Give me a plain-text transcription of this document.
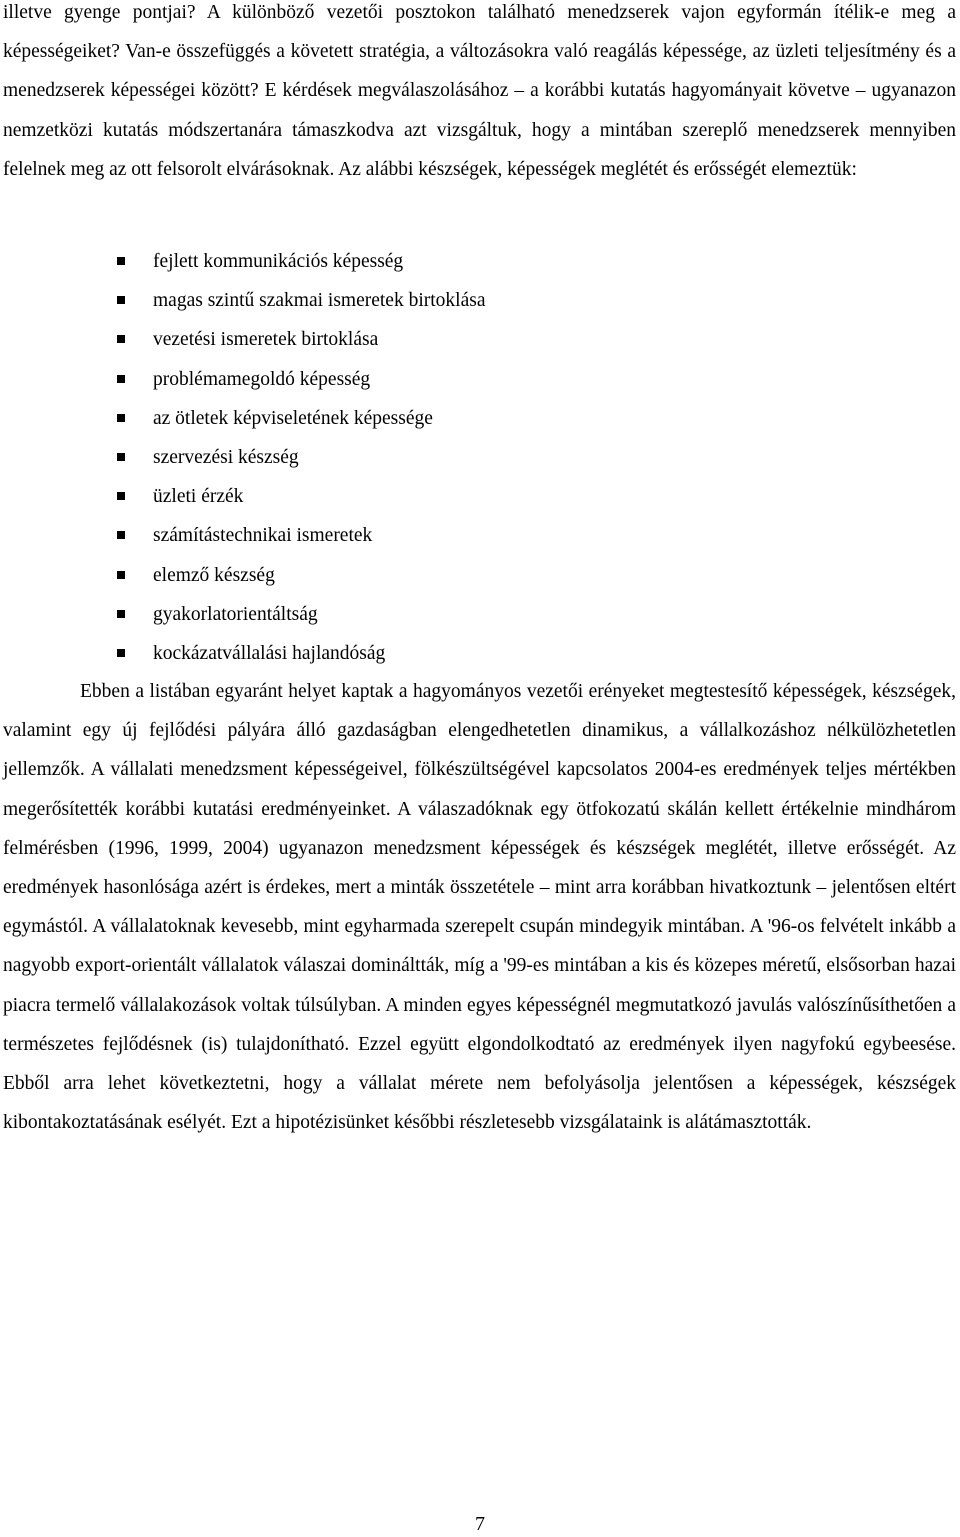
illetve gyenge pontjai? A különböző vezetői posztokon található menedzserek vajon egyformán ítélik-e meg a képességeiket? Van-e összefüggés a követett stratégia, a változásokra való reagálás képessége, az üzleti teljesítmény és a menedzserek képességei között? E kérdések megválaszolásához – a korábbi kutatás hagyományait követve – ugyanazon nemzetközi kutatás módszertanára támaszkodva azt vizsgáltuk, hogy a mintában szereplő menedzserek mennyiben felelnek meg az ott felsorolt elvárásoknak. Az alábbi készségek, képességek meglétét és erősségét elemeztük:

fejlett kommunikációs képesség
magas szintű szakmai ismeretek birtoklása
vezetési ismeretek birtoklása
problémamegoldó képesség
az ötletek képviseletének képessége
szervezési készség
üzleti érzék
számítástechnikai ismeretek
elemző készség
gyakorlatorientáltság
kockázatvállalási hajlandóság

Ebben a listában egyaránt helyet kaptak a hagyományos vezetői erényeket megtestesítő képességek, készségek, valamint egy új fejlődési pályára álló gazdaságban elengedhetetlen dinamikus, a vállalkozáshoz nélkülözhetetlen jellemzők. A vállalati menedzsment képességeivel, fölkészültségével kapcsolatos 2004-es eredmények teljes mértékben megerősítették korábbi kutatási eredményeinket. A válaszadóknak egy ötfokozatú skálán kellett értékelnie mindhárom felmérésben (1996, 1999, 2004) ugyanazon menedzsment képességek és készségek meglétét, illetve erősségét. Az eredmények hasonlósága azért is érdekes, mert a minták összetétele – mint arra korábban hivatkoztunk – jelentősen eltért egymástól. A vállalatoknak kevesebb, mint egyharmada szerepelt csupán mindegyik mintában. A '96-os felvételt inkább a nagyobb export-orientált vállalatok válaszai domináltták, míg a '99-es mintában a kis és közepes méretű, elsősorban hazai piacra termelő vállalakozások voltak túlsúlyban. A minden egyes képességnél megmutatkozó javulás valószínűsíthetően a természetes fejlődésnek (is) tulajdonítható. Ezzel együtt elgondolkodtató az eredmények ilyen nagyfokú egybeesése. Ebből arra lehet következtetni, hogy a vállalat mérete nem befolyásolja jelentősen a képességek, készségek kibontakoztatásának esélyét. Ezt a hipotézisünket későbbi részletesebb vizsgálataink is alátámasztották.

7
